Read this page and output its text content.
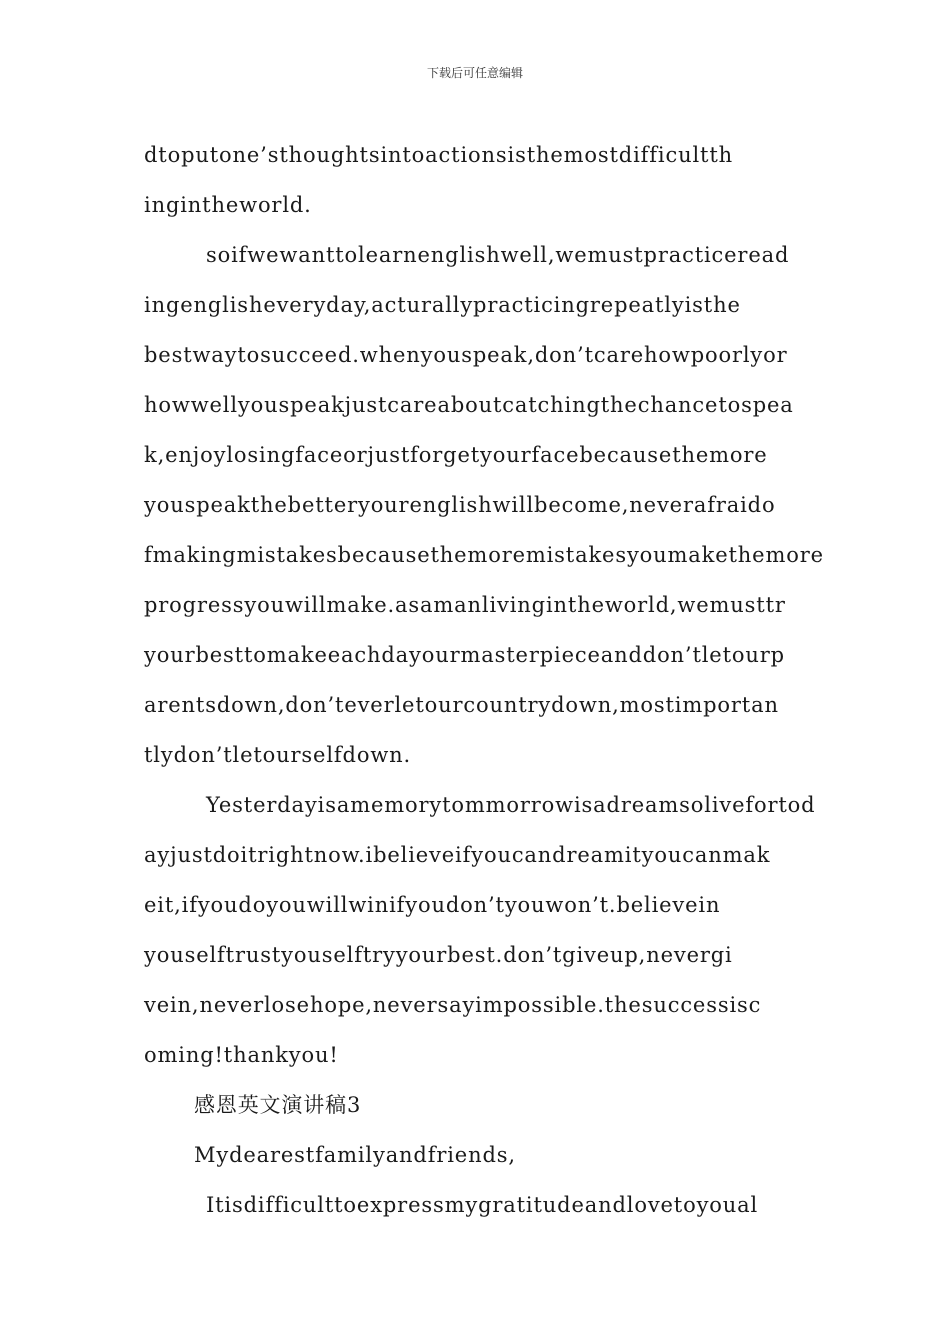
下载后可任意编辑
dtoputone’sthoughtsintoactionsisthemostdifficultth
ingintheworld.
soifwewanttolearnenglishwell,wemustpracticeread
ingenglisheveryday,acturallypracticingrepeatlyisthe
bestwaytosucceed.whenyouspeak,don’tcarehowpoorlyor
howwellyouspeakjustcareaboutcatchingthechancetospea
k,enjoylosingfaceorjustforgetyourfacebecausethemore
youspeakthebetteryourenglishwillbecome,neverafraido
fmakingmistakesbecausethemoremistakesyoumakethemore
progressyouwillmake.asamanlivingintheworld,wemusttr
yourbesttomakeeachdayourmasterpieceanddon’tletourp
arentsdown,don’teverletourcountrydown,mostimportan
tlydon’tletourselfdown.
Yesterdayisamemorytommorrowisadreamsolivefortod
ayjustdoitrightnow.ibelieveifyoucandreamityoucanmak
eit,ifyoudoyouwillwinifyoudon’tyouwon’t.believein
youselftrustyouselftryyourbest.don’tgiveup,nevergi
vein,neverlosehope,neversayimpossible.thesuccessisc
oming!thankyou!
感恩英文演讲稿3
Mydearestfamilyandfriends,
Itisdifficulttoexpressmygratitudeandlovetoyoual
